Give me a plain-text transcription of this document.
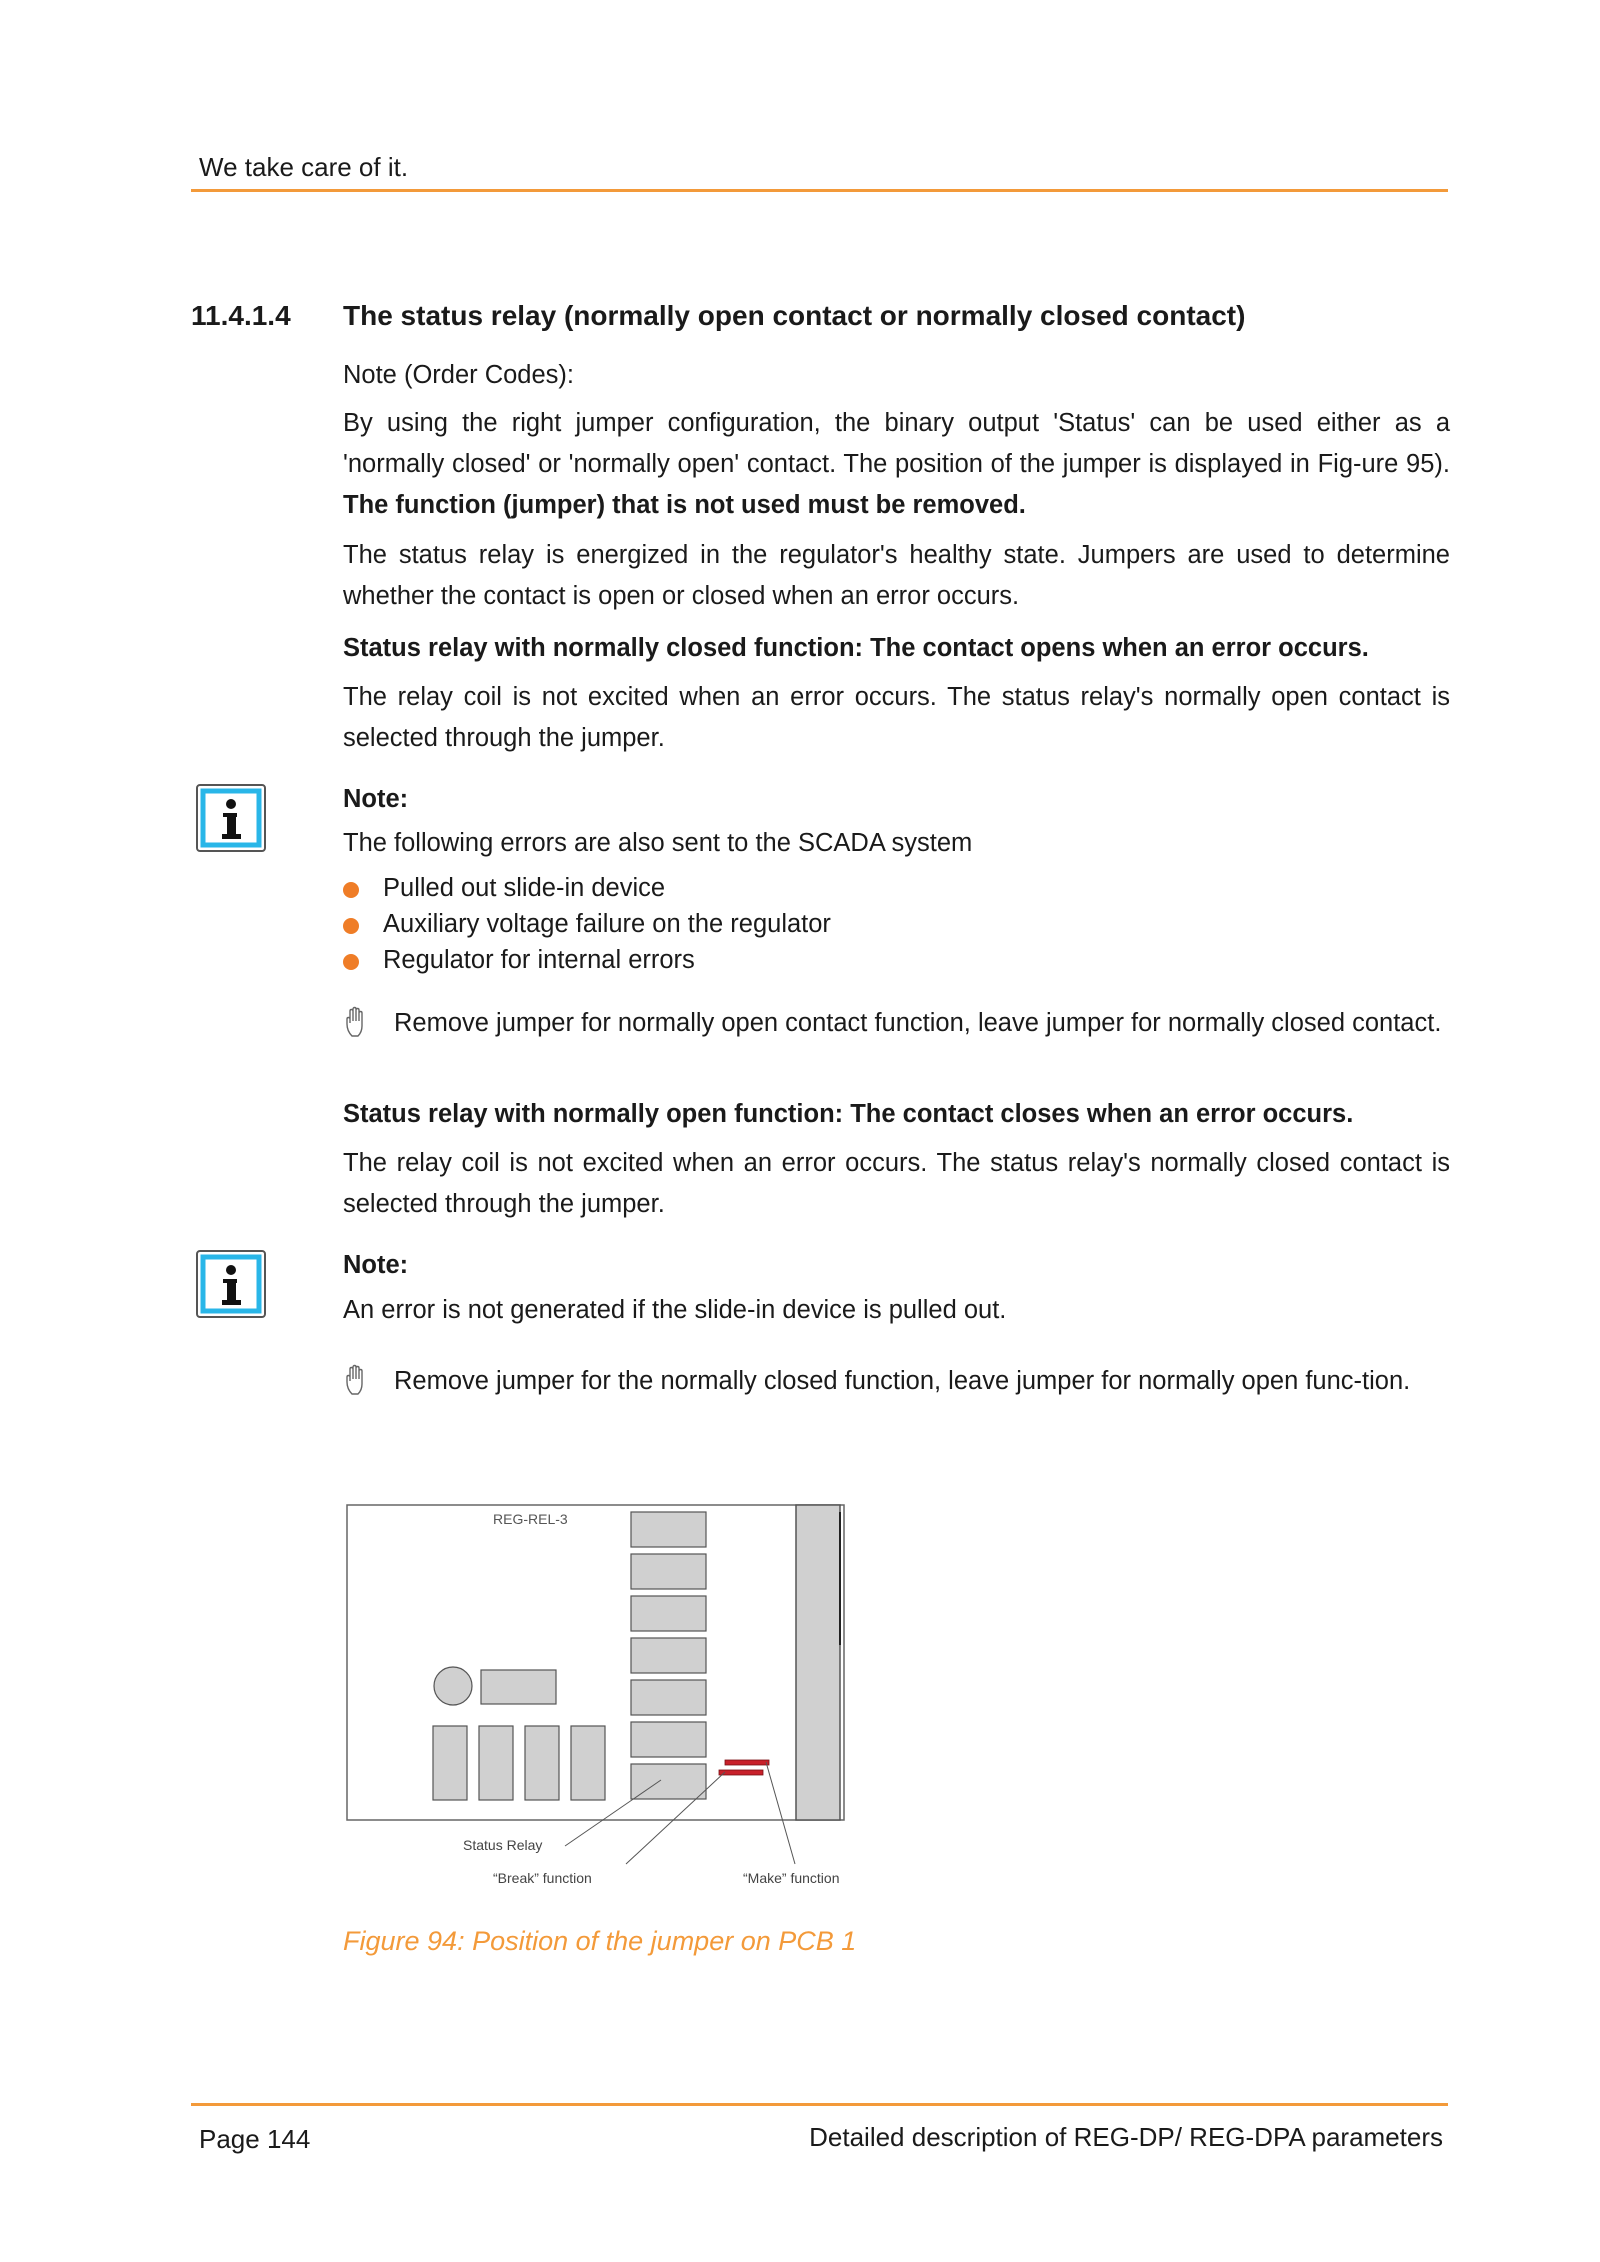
We take care of it.
11.4.1.4 The status relay (normally open contact or normally closed contact)

Note (Order Codes):

By using the right jumper configuration, the binary output 'Status' can be used either as a 'normally closed' or 'normally open' contact. The position of the jumper is displayed in Fig-ure 95). The function (jumper) that is not used must be removed.

The status relay is energized in the regulator's healthy state. Jumpers are used to determine whether the contact is open or closed when an error occurs.

Status relay with normally closed function: The contact opens when an error occurs.

The relay coil is not excited when an error occurs. The status relay's normally open contact is selected through the jumper.

Note:
The following errors are also sent to the SCADA system
Pulled out slide-in device
Auxiliary voltage failure on the regulator
Regulator for internal errors
Remove jumper for normally open contact function, leave jumper for normally closed contact.

Status relay with normally open function: The contact closes when an error occurs.

The relay coil is not excited when an error occurs. The status relay's normally closed contact is selected through the jumper.

Note:
An error is not generated if the slide-in device is pulled out.
Remove jumper for the normally closed function, leave jumper for normally open func-tion.
REG-REL-3
Status Relay
“Break” function	“Make” function
Figure 94: Position of the jumper on PCB 1
Page 144	Detailed description of REG-DP/ REG-DPA parameters
